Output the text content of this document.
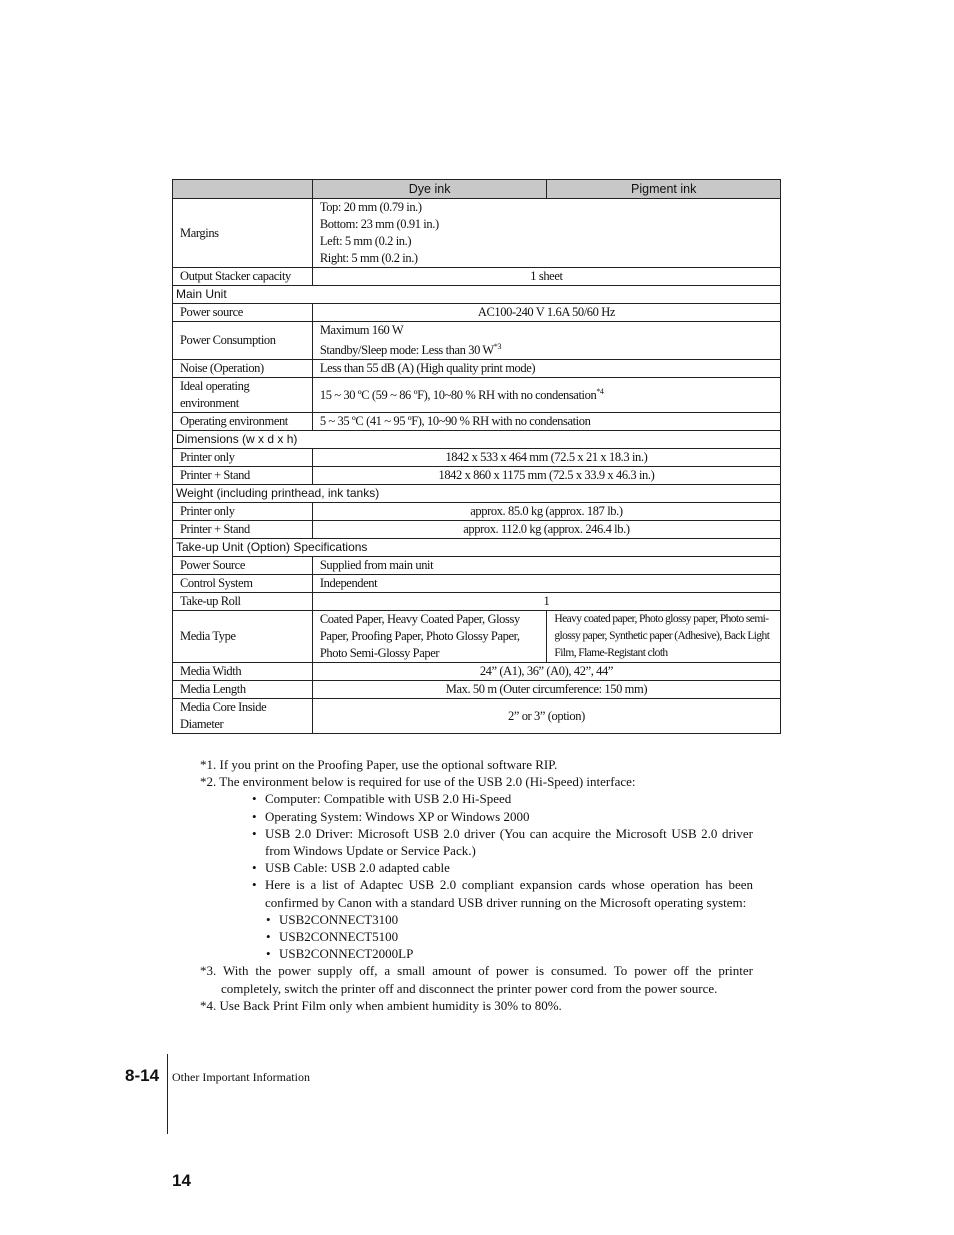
	Dye ink	Pigment ink
Margins	Top: 20 mm (0.79 in.)
Bottom: 23 mm (0.91 in.)
Left: 5 mm (0.2 in.)
Right: 5 mm (0.2 in.)	

Output Stacker capacity	1 sheet	
Main Unit		
Power source	AC100-240 V 1.6A 50/60 Hz	
Power Consumption	Maximum 160 W
Standby/Sleep mode: Less than 30 $W^{*3}$

Noise (Operation)	Less than 55 dB (A) (High quality print mode)	
Ideal operating environment	15 ~ 30 ºC (59 ~ 86 ºF), 10~80 % RH with no condensation$^{*4}$
Operating environment	5 ~ 35 ºC (41 ~ 95 ºF), 10~90 % RH with no condensation	
Dimensions (w x d x h)		
Printer only	1842 x 533 x 464 mm (72.5 x 21 x 18.3 in.)	
Printer + Stand	1842 x 860 x 1175 mm (72.5 x 33.9 x 46.3 in.)	
Weight (including printhead, ink tanks)		
Printer only	approx. 85.0 kg (approx. 187 lb.)	
Printer + Stand	approx. 112.0 kg (approx. 246.4 lb.)	
Take-up Unit (Option) Specifications		
Power Source	Supplied from main unit	
Control System	Independent	
Take-up Roll	1	
Media Type	Coated Paper, Heavy Coated Paper, Glossy Paper, Proofing Paper, Photo Glossy Paper, Photo Semi-Glossy Paper	Heavy coated paper, Photo glossy paper, Photo semi-glossy paper, Synthetic paper (Adhesive), Back Light Film, Flame-Registant cloth
Media Width	24” (A1), 36” (A0), 42”, 44”	
Media Length	Max. 50 m (Outer circumference: 150 mm)	
Media Core Inside Diameter	2” or 3” (option)	
*1. If you print on the Proofing Paper, use the optional software RIP.
*2. The environment below is required for use of the USB 2.0 (Hi-Speed) interface:
• Computer: Compatible with USB 2.0 Hi-Speed
• Operating System: Windows XP or Windows 2000
• USB 2.0 Driver: Microsoft USB 2.0 driver (You can acquire the Microsoft USB 2.0 driver from Windows Update or Service Pack.)
• USB Cable: USB 2.0 adapted cable
• Here is a list of Adaptec USB 2.0 compliant expansion cards whose operation has been confirmed by Canon with a standard USB driver running on the Microsoft operating system:
• USB2CONNECT3100
• USB2CONNECT5100
• USB2CONNECT2000LP
*3. With the power supply off, a small amount of power is consumed. To power off the printer
completely, switch the printer off and disconnect the printer power cord from the power source.
*4. Use Back Print Film only when ambient humidity is 30% to 80%.
8-14 Other Important Information
14
